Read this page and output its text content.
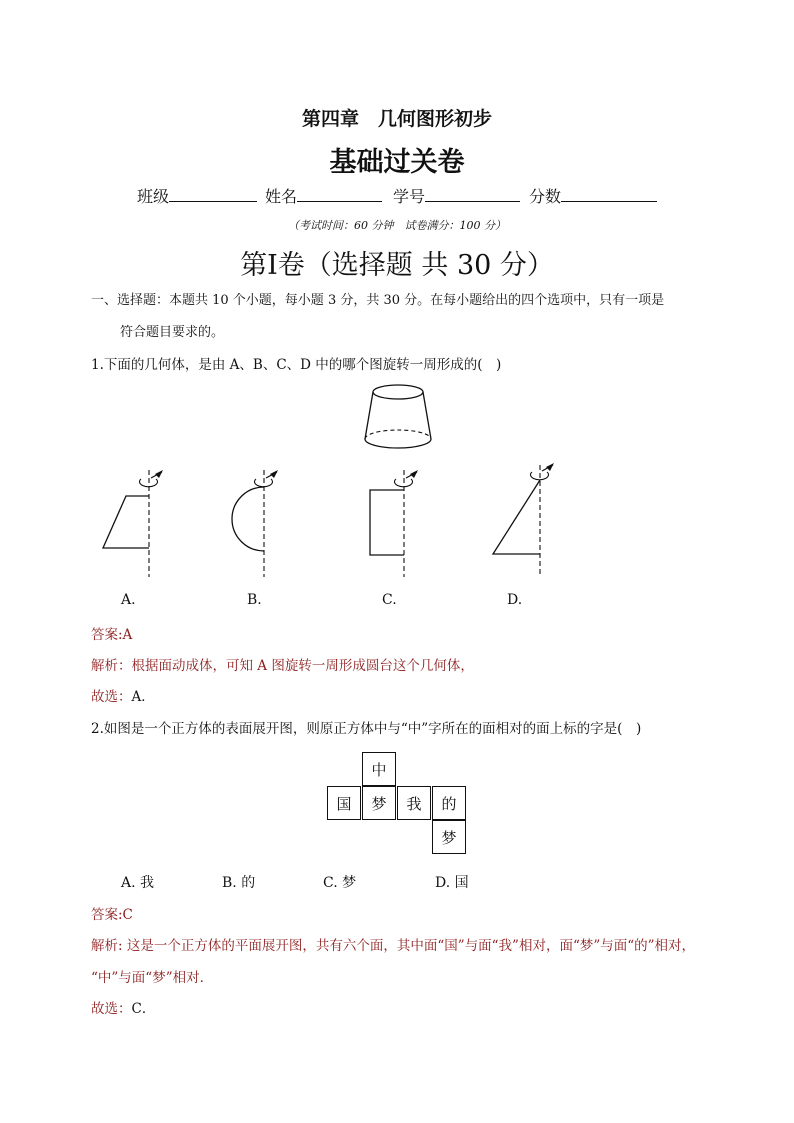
第四章　几何图形初步
基础过关卷
班级	姓名	学号	分数
（考试时间：60 分钟　试卷满分：100 分）
第Ⅰ卷（选择题 共 30 分）
一、选择题：本题共 10 个小题，每小题 3 分，共 30 分。在每小题给出的四个选项中，只有一项是
符合题目要求的。
1.下面的几何体，是由 A、B、C、D 中的哪个图旋转一周形成的(　)
A.	B.	C.	D.
答案:A
解析：根据面动成体，可知 A 图旋转一周形成圆台这个几何体，
故选：A．
2.如图是一个正方体的表面展开图，则原正方体中与“中”字所在的面相对的面上标的字是(　)
中
国	梦	我	的
梦
A. 我	B. 的	C. 梦	D. 国
答案:C
解析: 这是一个正方体的平面展开图，共有六个面，其中面“国”与面“我”相对，面“梦”与面“的”相对，
“中”与面“梦”相对．
故选：C．
